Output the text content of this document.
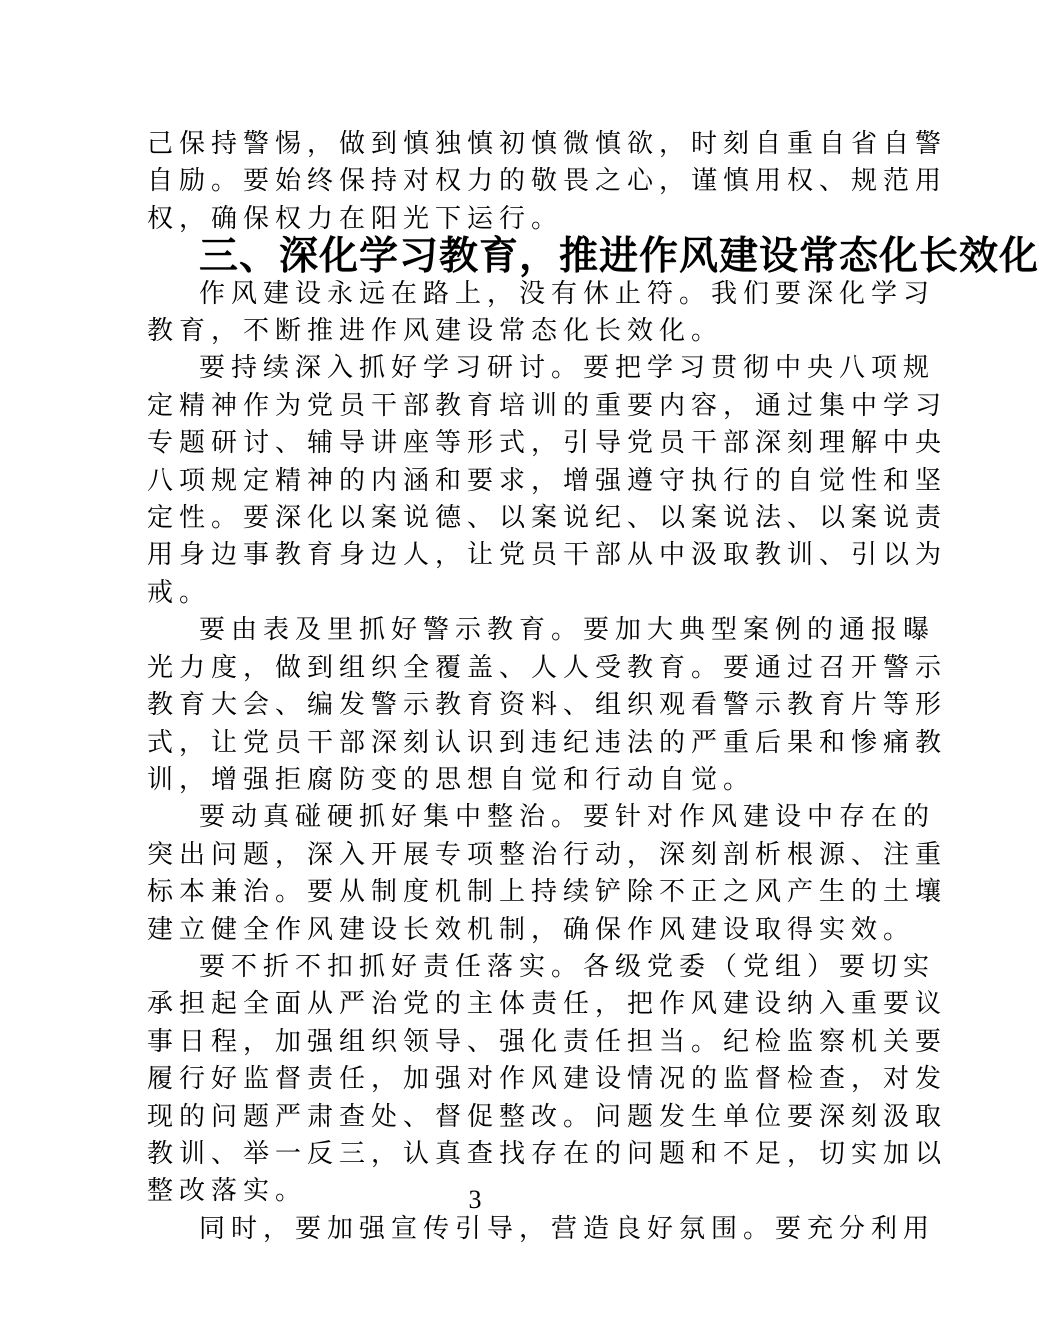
己保持警惕，做到慎独慎初慎微慎欲，时刻自重自省自警
自励。要始终保持对权力的敬畏之心，谨慎用权、规范用
权，确保权力在阳光下运行。

三、深化学习教育，推进作风建设常态化长效化

作风建设永远在路上，没有休止符。我们要深化学习
教育，不断推进作风建设常态化长效化。

要持续深入抓好学习研讨。要把学习贯彻中央八项规
定精神作为党员干部教育培训的重要内容，通过集中学习
专题研讨、辅导讲座等形式，引导党员干部深刻理解中央
八项规定精神的内涵和要求，增强遵守执行的自觉性和坚
定性。要深化以案说德、以案说纪、以案说法、以案说责
用身边事教育身边人，让党员干部从中汲取教训、引以为
戒。

要由表及里抓好警示教育。要加大典型案例的通报曝
光力度，做到组织全覆盖、人人受教育。要通过召开警示
教育大会、编发警示教育资料、组织观看警示教育片等形
式，让党员干部深刻认识到违纪违法的严重后果和惨痛教
训，增强拒腐防变的思想自觉和行动自觉。

要动真碰硬抓好集中整治。要针对作风建设中存在的
突出问题，深入开展专项整治行动，深刻剖析根源、注重
标本兼治。要从制度机制上持续铲除不正之风产生的土壤
建立健全作风建设长效机制，确保作风建设取得实效。

要不折不扣抓好责任落实。各级党委（党组）要切实
承担起全面从严治党的主体责任，把作风建设纳入重要议
事日程，加强组织领导、强化责任担当。纪检监察机关要
履行好监督责任，加强对作风建设情况的监督检查，对发
现的问题严肃查处、督促整改。问题发生单位要深刻汲取
教训、举一反三，认真查找存在的问题和不足，切实加以
整改落实。

同时，要加强宣传引导，营造良好氛围。要充分利用

3
